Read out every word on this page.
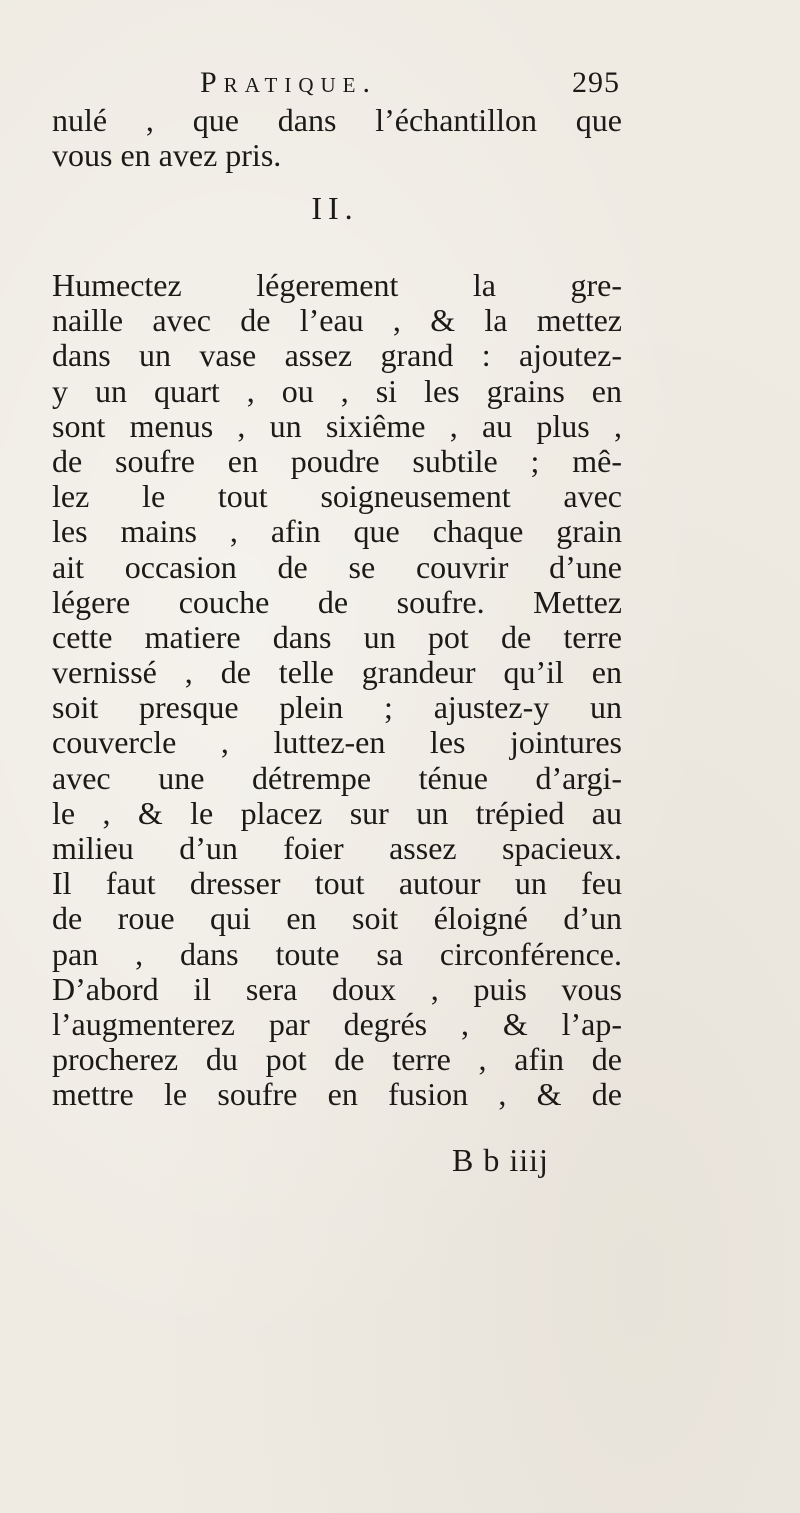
Pratique.	295
nulé , que dans l’échantillon que
vous en avez pris.
II.
Humectez légerement la gre-
naille avec de l’eau , & la mettez
dans un vase assez grand : ajoutez-
y un quart , ou , si les grains en
sont menus , un sixiême , au plus ,
de soufre en poudre subtile ; mê-
lez le tout soigneusement avec
les mains , afin que chaque grain
ait occasion de se couvrir d’une
légere couche de soufre. Mettez
cette matiere dans un pot de terre
vernissé , de telle grandeur qu’il en
soit presque plein ; ajustez-y un
couvercle , luttez-en les jointures
avec une détrempe ténue d’argi-
le , & le placez sur un trépied au
milieu d’un foier assez spacieux.
Il faut dresser tout autour un feu
de roue qui en soit éloigné d’un
pan , dans toute sa circonférence.
D’abord il sera doux , puis vous
l’augmenterez par degrés , & l’ap-
procherez du pot de terre , afin de
mettre le soufre en fusion , & de
B b iiij
